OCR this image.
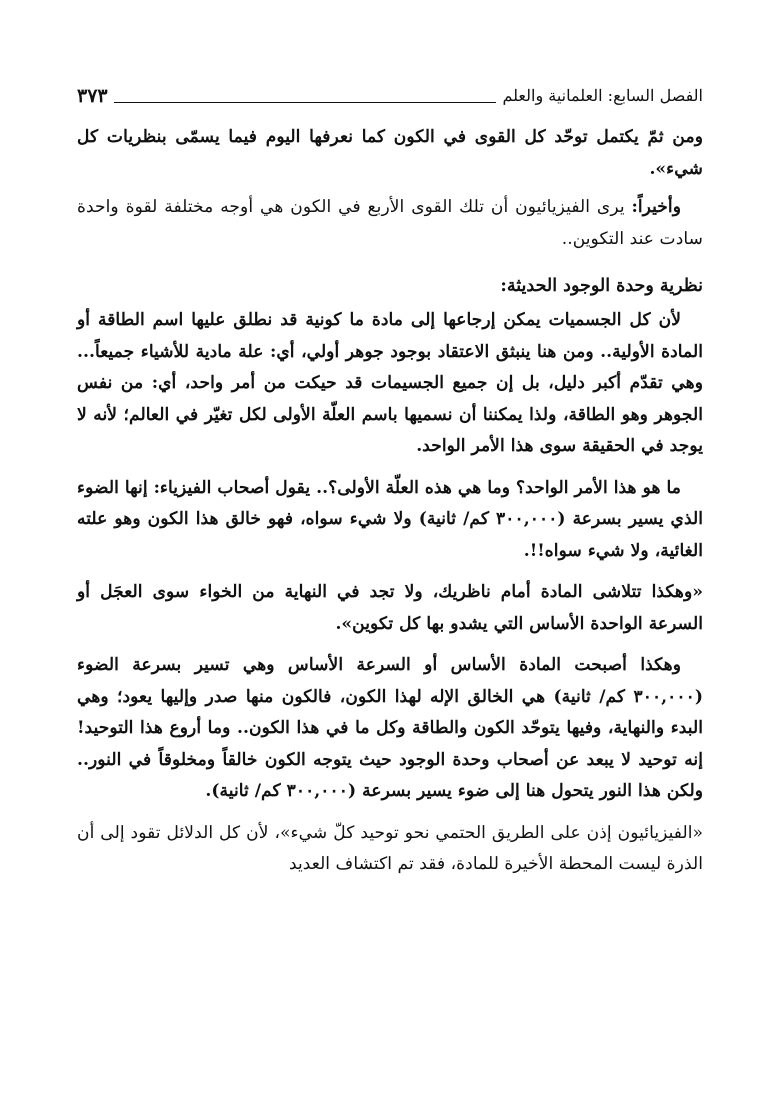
الفصل السابع: العلمانية والعلم
٣٧٣

ومن ثمّ يكتمل توحّد كل القوى في الكون كما نعرفها اليوم فيما يسمّى بنظريات كل شيء».

وأخيراً: يرى الفيزيائيون أن تلك القوى الأربع في الكون هي أوجه مختلفة لقوة واحدة سادت عند التكوين..

نظرية وحدة الوجود الحديثة:

لأن كل الجسميات يمكن إرجاعها إلى مادة ما كونية قد نطلق عليها اسم الطاقة أو المادة الأولية.. ومن هنا ينبثق الاعتقاد بوجود جوهر أولي، أي: علة مادية للأشياء جميعاً... وهي تقدّم أكبر دليل، بل إن جميع الجسيمات قد حيكت من أمر واحد، أي: من نفس الجوهر وهو الطاقة، ولذا يمكننا أن نسميها باسم العلّة الأولى لكل تغيّر في العالم؛ لأنه لا يوجد في الحقيقة سوى هذا الأمر الواحد.

ما هو هذا الأمر الواحد؟ وما هي هذه العلّة الأولى؟.. يقول أصحاب الفيزياء: إنها الضوء الذي يسير بسرعة (٣٠٠,٠٠٠ كم/ ثانية) ولا شيء سواه، فهو خالق هذا الكون وهو علته الغائية، ولا شيء سواه!!.

«وهكذا تتلاشى المادة أمام ناظريك، ولا تجد في النهاية من الخواء سوى العجَل أو السرعة الواحدة الأساس التي يشدو بها كل تكوين».

وهكذا أصبحت المادة الأساس أو السرعة الأساس وهي تسير بسرعة الضوء (٣٠٠,٠٠٠ كم/ ثانية) هي الخالق الإله لهذا الكون، فالكون منها صدر وإليها يعود؛ وهي البدء والنهاية، وفيها يتوحّد الكون والطاقة وكل ما في هذا الكون.. وما أروع هذا التوحيد! إنه توحيد لا يبعد عن أصحاب وحدة الوجود حيث يتوجه الكون خالقاً ومخلوقاً في النور.. ولكن هذا النور يتحول هنا إلى ضوء يسير بسرعة (٣٠٠,٠٠٠ كم/ ثانية).

«الفيزيائيون إذن على الطريق الحتمي نحو توحيد كلّ شيء»، لأن كل الدلائل تقود إلى أن الذرة ليست المحطة الأخيرة للمادة، فقد تم اكتشاف العديد
